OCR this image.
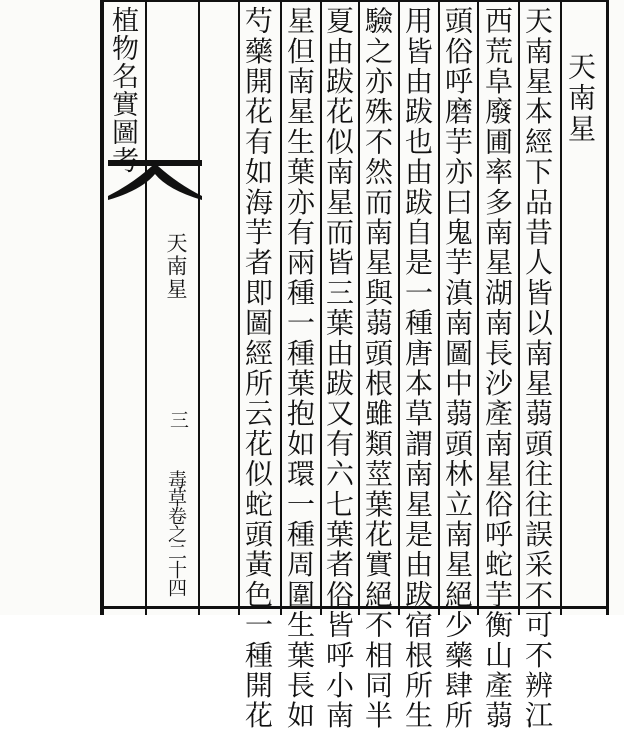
植物名實圖考
天南星
三
毒草卷之二十四
天南星
天南星本經下品昔人皆以南星蒻頭往往誤采不可不辨江
西荒阜廢圃率多南星湖南長沙產南星俗呼蛇芋衡山產蒻
頭俗呼磨芋亦曰鬼芋滇南圖中蒻頭林立南星絕少藥肆所
用皆由跋也由跋自是一種唐本草謂南星是由跋宿根所生
驗之亦殊不然而南星與蒻頭根雖類莖葉花實絕不相同半
夏由跋花似南星而皆三葉由跋又有六七葉者俗皆呼小南
星但南星生葉亦有兩種一種葉抱如環一種周圍生葉長如
芍藥開花有如海芋者即圖經所云花似蛇頭黃色一種開花
